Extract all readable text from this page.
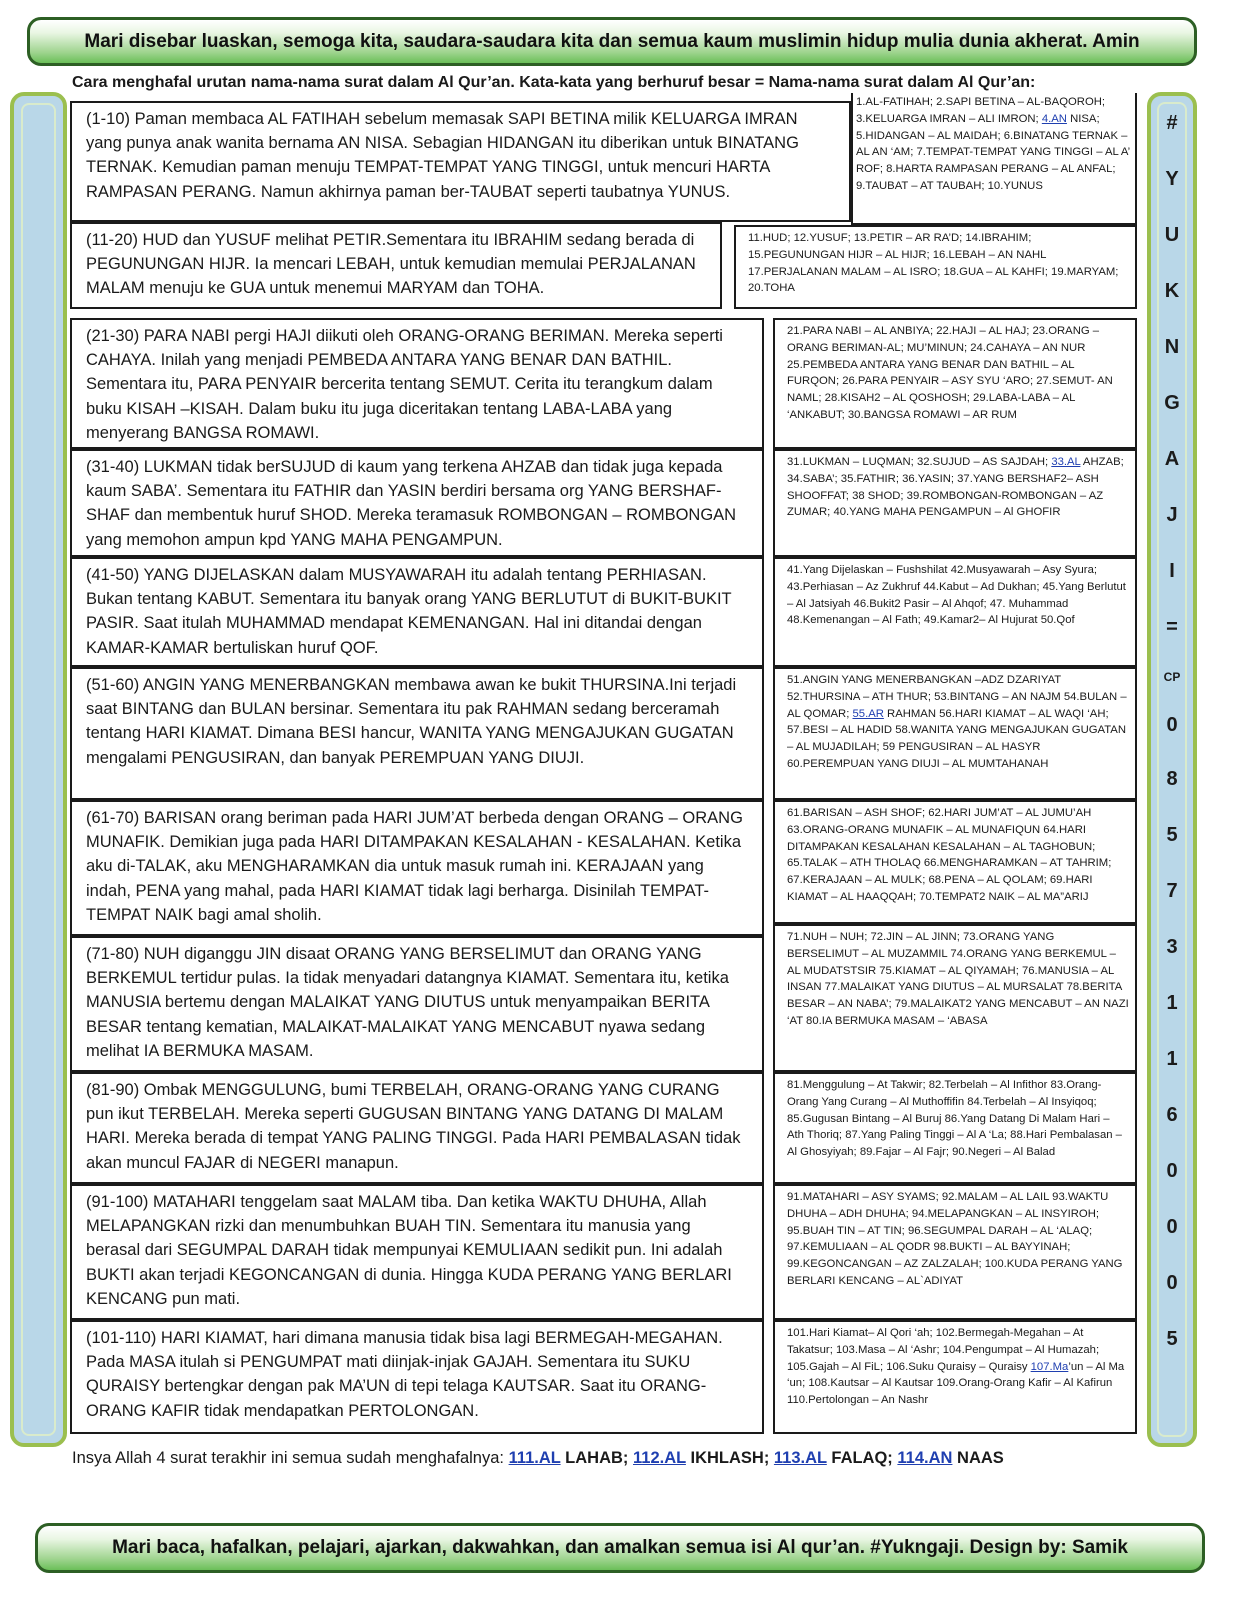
Mari disebar luaskan, semoga kita, saudara-saudara kita dan semua kaum muslimin hidup mulia dunia akherat. Amin
Cara menghafal urutan nama-nama surat dalam Al Qur’an. Kata-kata yang berhuruf besar = Nama-nama surat dalam Al Qur’an:
#
Y
U
K
N
G
A
J
I
=
CP
0
8
5
7
3
1
1
6
0
0
0
5
(1-10) Paman membaca AL FATIHAH sebelum memasak SAPI BETINA milik KELUARGA IMRAN yang punya anak wanita bernama AN NISA. Sebagian HIDANGAN itu diberikan untuk BINATANG TERNAK. Kemudian paman menuju TEMPAT-TEMPAT YANG TINGGI, untuk mencuri HARTA RAMPASAN PERANG. Namun akhirnya paman ber-TAUBAT seperti taubatnya YUNUS.
1.AL-FATIHAH; 2.SAPI BETINA – AL-BAQOROH; 3.KELUARGA IMRAN – ALI IMRON; 4.AN NISA; 5.HIDANGAN – AL MAIDAH; 6.BINATANG TERNAK – AL AN ‘AM; 7.TEMPAT-TEMPAT YANG TINGGI – AL A’ ROF; 8.HARTA RAMPASAN PERANG – AL ANFAL; 9.TAUBAT – AT TAUBAH; 10.YUNUS
(11-20) HUD dan YUSUF melihat PETIR.Sementara itu IBRAHIM sedang berada di PEGUNUNGAN HIJR. Ia mencari LEBAH, untuk kemudian memulai PERJALANAN MALAM menuju ke GUA untuk menemui MARYAM dan TOHA.
11.HUD; 12.YUSUF; 13.PETIR – AR RA’D; 14.IBRAHIM; 15.PEGUNUNGAN HIJR – AL HIJR; 16.LEBAH – AN NAHL 17.PERJALANAN MALAM – AL ISRO; 18.GUA – AL KAHFI; 19.MARYAM; 20.TOHA
(21-30) PARA NABI pergi HAJI diikuti oleh ORANG-ORANG BERIMAN. Mereka seperti CAHAYA. Inilah yang menjadi PEMBEDA ANTARA YANG BENAR DAN BATHIL. Sementara itu, PARA PENYAIR bercerita tentang SEMUT. Cerita itu terangkum dalam buku KISAH –KISAH. Dalam buku itu juga diceritakan tentang LABA-LABA yang menyerang BANGSA ROMAWI.
21.PARA NABI – AL ANBIYA; 22.HAJI – AL HAJ; 23.ORANG – ORANG BERIMAN-AL; MU’MINUN; 24.CAHAYA – AN NUR 25.PEMBEDA ANTARA YANG BENAR DAN BATHIL – AL FURQON; 26.PARA PENYAIR – ASY SYU ‘ARO; 27.SEMUT- AN NAML; 28.KISAH2 – AL QOSHOSH; 29.LABA-LABA – AL ‘ANKABUT; 30.BANGSA ROMAWI – AR RUM
(31-40) LUKMAN tidak berSUJUD di kaum yang terkena AHZAB dan tidak juga kepada kaum SABA’. Sementara itu FATHIR dan YASIN berdiri bersama org YANG BERSHAF-SHAF dan membentuk huruf SHOD. Mereka teramasuk ROMBONGAN – ROMBONGAN yang memohon ampun kpd YANG MAHA PENGAMPUN.
31.LUKMAN – LUQMAN; 32.SUJUD – AS SAJDAH; 33.AL AHZAB; 34.SABA’; 35.FATHIR; 36.YASIN; 37.YANG BERSHAF2– ASH SHOOFFAT; 38 SHOD; 39.ROMBONGAN-ROMBONGAN – AZ ZUMAR; 40.YANG MAHA PENGAMPUN – Al GHOFIR
(41-50) YANG DIJELASKAN dalam MUSYAWARAH itu adalah tentang PERHIASAN. Bukan tentang KABUT. Sementara itu banyak orang YANG BERLUTUT di BUKIT-BUKIT PASIR. Saat itulah MUHAMMAD mendapat KEMENANGAN. Hal ini ditandai dengan KAMAR-KAMAR bertuliskan huruf QOF.
41.Yang Dijelaskan – Fushshilat 42.Musyawarah – Asy Syura; 43.Perhiasan – Az Zukhruf 44.Kabut – Ad Dukhan; 45.Yang Berlutut – Al Jatsiyah 46.Bukit2 Pasir – Al Ahqof; 47. Muhammad 48.Kemenangan – Al Fath; 49.Kamar2– Al Hujurat 50.Qof
(51-60) ANGIN YANG MENERBANGKAN membawa awan ke bukit THURSINA.Ini terjadi saat BINTANG dan BULAN bersinar. Sementara itu pak RAHMAN sedang berceramah tentang HARI KIAMAT. Dimana BESI hancur, WANITA YANG MENGAJUKAN GUGATAN mengalami PENGUSIRAN, dan banyak PEREMPUAN YANG DIUJI.
51.ANGIN YANG MENERBANGKAN –ADZ DZARIYAT 52.THURSINA – ATH THUR; 53.BINTANG – AN NAJM 54.BULAN – AL QOMAR; 55.AR RAHMAN 56.HARI KIAMAT – AL WAQI ‘AH; 57.BESI – AL HADID 58.WANITA YANG MENGAJUKAN GUGATAN – AL MUJADILAH; 59 PENGUSIRAN – AL HASYR 60.PEREMPUAN YANG DIUJI – AL MUMTAHANAH
(61-70) BARISAN orang beriman pada HARI JUM’AT berbeda dengan ORANG – ORANG MUNAFIK. Demikian juga pada HARI DITAMPAKAN KESALAHAN - KESALAHAN. Ketika aku di-TALAK, aku MENGHARAMKAN dia untuk masuk rumah ini. KERAJAAN yang indah, PENA yang mahal, pada HARI KIAMAT tidak lagi berharga. Disinilah TEMPAT-TEMPAT NAIK bagi amal sholih.
61.BARISAN – ASH SHOF; 62.HARI JUM’AT – AL JUMU’AH 63.ORANG-ORANG MUNAFIK – AL MUNAFIQUN 64.HARI DITAMPAKAN KESALAHAN KESALAHAN – AL TAGHOBUN; 65.TALAK – ATH THOLAQ 66.MENGHARAMKAN – AT TAHRIM; 67.KERAJAAN – AL MULK; 68.PENA – AL QOLAM; 69.HARI KIAMAT – AL HAAQQAH; 70.TEMPAT2 NAIK – AL MA”ARIJ
(71-80) NUH diganggu JIN disaat ORANG YANG BERSELIMUT dan ORANG YANG BERKEMUL tertidur pulas. Ia tidak menyadari datangnya KIAMAT. Sementara itu, ketika MANUSIA bertemu dengan MALAIKAT YANG DIUTUS untuk menyampaikan BERITA BESAR tentang kematian, MALAIKAT-MALAIKAT YANG MENCABUT nyawa sedang melihat IA BERMUKA MASAM.
71.NUH – NUH; 72.JIN – AL JINN; 73.ORANG YANG BERSELIMUT – AL MUZAMMIL 74.ORANG YANG BERKEMUL – AL MUDATSTSIR 75.KIAMAT – AL QIYAMAH; 76.MANUSIA – AL INSAN 77.MALAIKAT YANG DIUTUS – AL MURSALAT 78.BERITA BESAR – AN NABA’; 79.MALAIKAT2 YANG MENCABUT – AN NAZI ‘AT 80.IA BERMUKA MASAM – ‘ABASA
(81-90) Ombak MENGGULUNG, bumi TERBELAH, ORANG-ORANG YANG CURANG pun ikut TERBELAH. Mereka seperti GUGUSAN BINTANG YANG DATANG DI MALAM HARI. Mereka berada di tempat YANG PALING TINGGI. Pada HARI PEMBALASAN tidak akan muncul FAJAR di NEGERI manapun.
81.Menggulung – At Takwir; 82.Terbelah – Al Infithor 83.Orang-Orang Yang Curang – Al Muthoffifin 84.Terbelah – Al Insyiqoq; 85.Gugusan Bintang – Al Buruj 86.Yang Datang Di Malam Hari – Ath Thoriq; 87.Yang Paling Tinggi – Al A ‘La; 88.Hari Pembalasan – Al Ghosyiyah; 89.Fajar – Al Fajr; 90.Negeri – Al Balad
(91-100) MATAHARI tenggelam saat MALAM tiba. Dan ketika WAKTU DHUHA, Allah MELAPANGKAN rizki dan menumbuhkan BUAH TIN. Sementara itu manusia yang berasal dari SEGUMPAL DARAH tidak mempunyai KEMULIAAN sedikit pun. Ini adalah BUKTI akan terjadi KEGONCANGAN di dunia. Hingga KUDA PERANG YANG BERLARI KENCANG pun mati.
91.MATAHARI – ASY SYAMS; 92.MALAM – AL LAIL 93.WAKTU DHUHA – ADH DHUHA; 94.MELAPANGKAN – AL INSYIROH; 95.BUAH TIN – AT TIN; 96.SEGUMPAL DARAH – AL ‘ALAQ; 97.KEMULIAAN – AL QODR 98.BUKTI – AL BAYYINAH; 99.KEGONCANGAN – AZ ZALZALAH; 100.KUDA PERANG YANG BERLARI KENCANG – AL`ADIYAT
(101-110) HARI KIAMAT, hari dimana manusia tidak bisa lagi BERMEGAH-MEGAHAN. Pada MASA itulah si PENGUMPAT mati diinjak-injak GAJAH. Sementara itu SUKU QURAISY bertengkar dengan pak MA’UN di tepi telaga KAUTSAR. Saat itu ORANG-ORANG KAFIR tidak mendapatkan PERTOLONGAN.
101.Hari Kiamat– Al Qori ‘ah; 102.Bermegah-Megahan – At Takatsur; 103.Masa – Al ‘Ashr; 104.Pengumpat – Al Humazah; 105.Gajah – Al FiL; 106.Suku Quraisy – Quraisy 107.Ma’un – Al Ma ‘un; 108.Kautsar – Al Kautsar 109.Orang-Orang Kafir – Al Kafirun 110.Pertolongan – An Nashr
Insya Allah 4 surat terakhir ini semua sudah menghafalnya: 111.AL LAHAB; 112.AL IKHLASH; 113.AL FALAQ; 114.AN NAAS
Mari baca, hafalkan, pelajari, ajarkan, dakwahkan, dan amalkan semua isi Al qur’an. #Yukngaji. Design by: Samik
